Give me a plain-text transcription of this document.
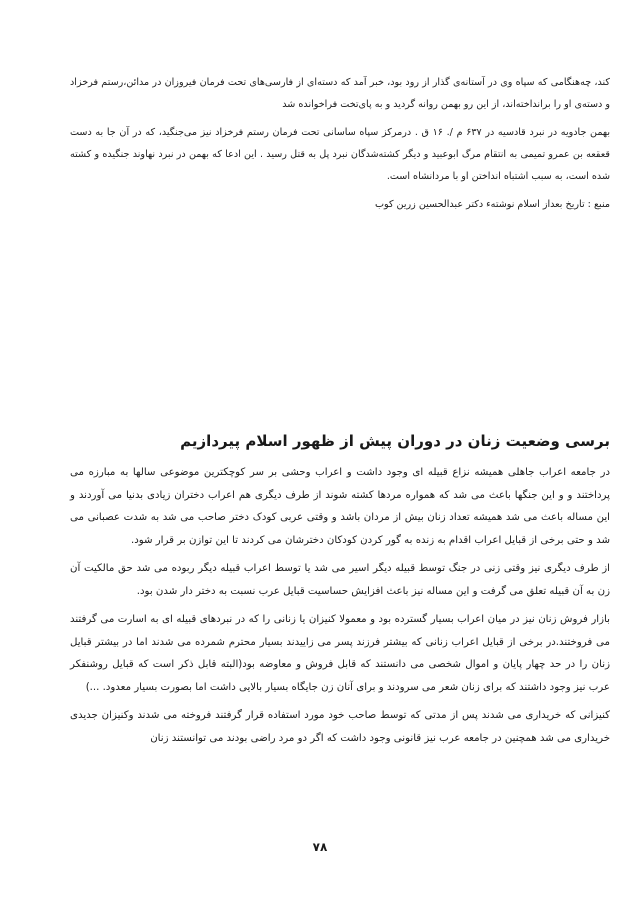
کند، چه‌هنگامی که سپاه وی در آستانه‌ی گذار از رود بود، خبر آمد که دسته‌ای از فارسی‌های تحت فرمان فیروزان در مدائن،رستم فرخزاد و دسته‌ی او را برانداخته‌اند، از این رو بهمن روانه گردید و به پای‌تخت فراخوانده شد

بهمن جادویه در نبرد قادسیه در ۶۳۷ م /. ۱۶ ق . درمرکز سپاه ساسانی تحت فرمان رستم فرخزاد نیز می‌جنگید، که در آن جا به دست قعقعه بن عمرو تمیمی به انتقام مرگ ابوعبید و دیگر کشته‌شدگان نبرد پل به قتل رسید . این ادعا که بهمن در نبرد نهاوند جنگیده و کشته شده است، به سبب اشتباه انداختن او با مردانشاه است.

منبع : تاریخ بعداز اسلام نوشته‌ء دکتر عبدالحسین زرین کوب

برسی وضعیت زنان در دوران پیش از ظهور اسلام پیردازیم

در جامعه اعراب جاهلی همیشه نزاع قبیله ای وجود داشت و اعراب وحشی بر سر کوچکترین موضوعی سالها به مبارزه می پرداختند و و این جنگها باعث می شد که همواره مردها کشته شوند از طرف دیگری هم اعراب دختران زیادی بدنیا می آوردند و این مساله باعث می شد همیشه تعداد زنان بیش از مردان باشد و وقتی عربی کودک دختر صاحب می شد به شدت عصبانی می شد و حتی برخی از قبایل اعراب اقدام به زنده به گور کردن کودکان دخترشان می کردند تا این توازن بر قرار شود.

از طرف دیگری نیز وقتی زنی در جنگ توسط قبیله دیگر اسیر می شد یا توسط اعراب قبیله دیگر ربوده می شد حق مالکیت آن زن به آن قبیله تعلق می گرفت و این مساله نیز باعث افزایش حساسیت قبایل عرب نسبت به دختر دار شدن بود.

بازار فروش زنان نیز در میان اعراب بسیار گسترده بود و معمولا کنیزان یا زنانی را که در نبردهای قبیله ای به اسارت می گرفتند می فروختند.در برخی از قبایل اعراب زنانی که بیشتر فرزند پسر می زاییدند بسیار محترم شمرده می شدند اما در بیشتر قبایل زنان را در حد چهار پایان و اموال شخصی می دانستند که قابل فروش و معاوضه بود(البته قابل ذکر است که قبایل روشنفکر عرب نیز وجود داشتند که برای زنان شعر می سرودند و برای آنان زن جایگاه بسیار بالایی داشت اما بصورت بسیار معدود. ...)

کنیزانی که خریداری می شدند پس از مدتی که توسط صاحب خود مورد استفاده قرار گرفتند فروخته می شدند وکنیزان جدیدی خریداری می شد همچنین در جامعه عرب نیز قانونی وجود داشت که اگر دو مرد راضی بودند می توانستند زنان

۷۸
